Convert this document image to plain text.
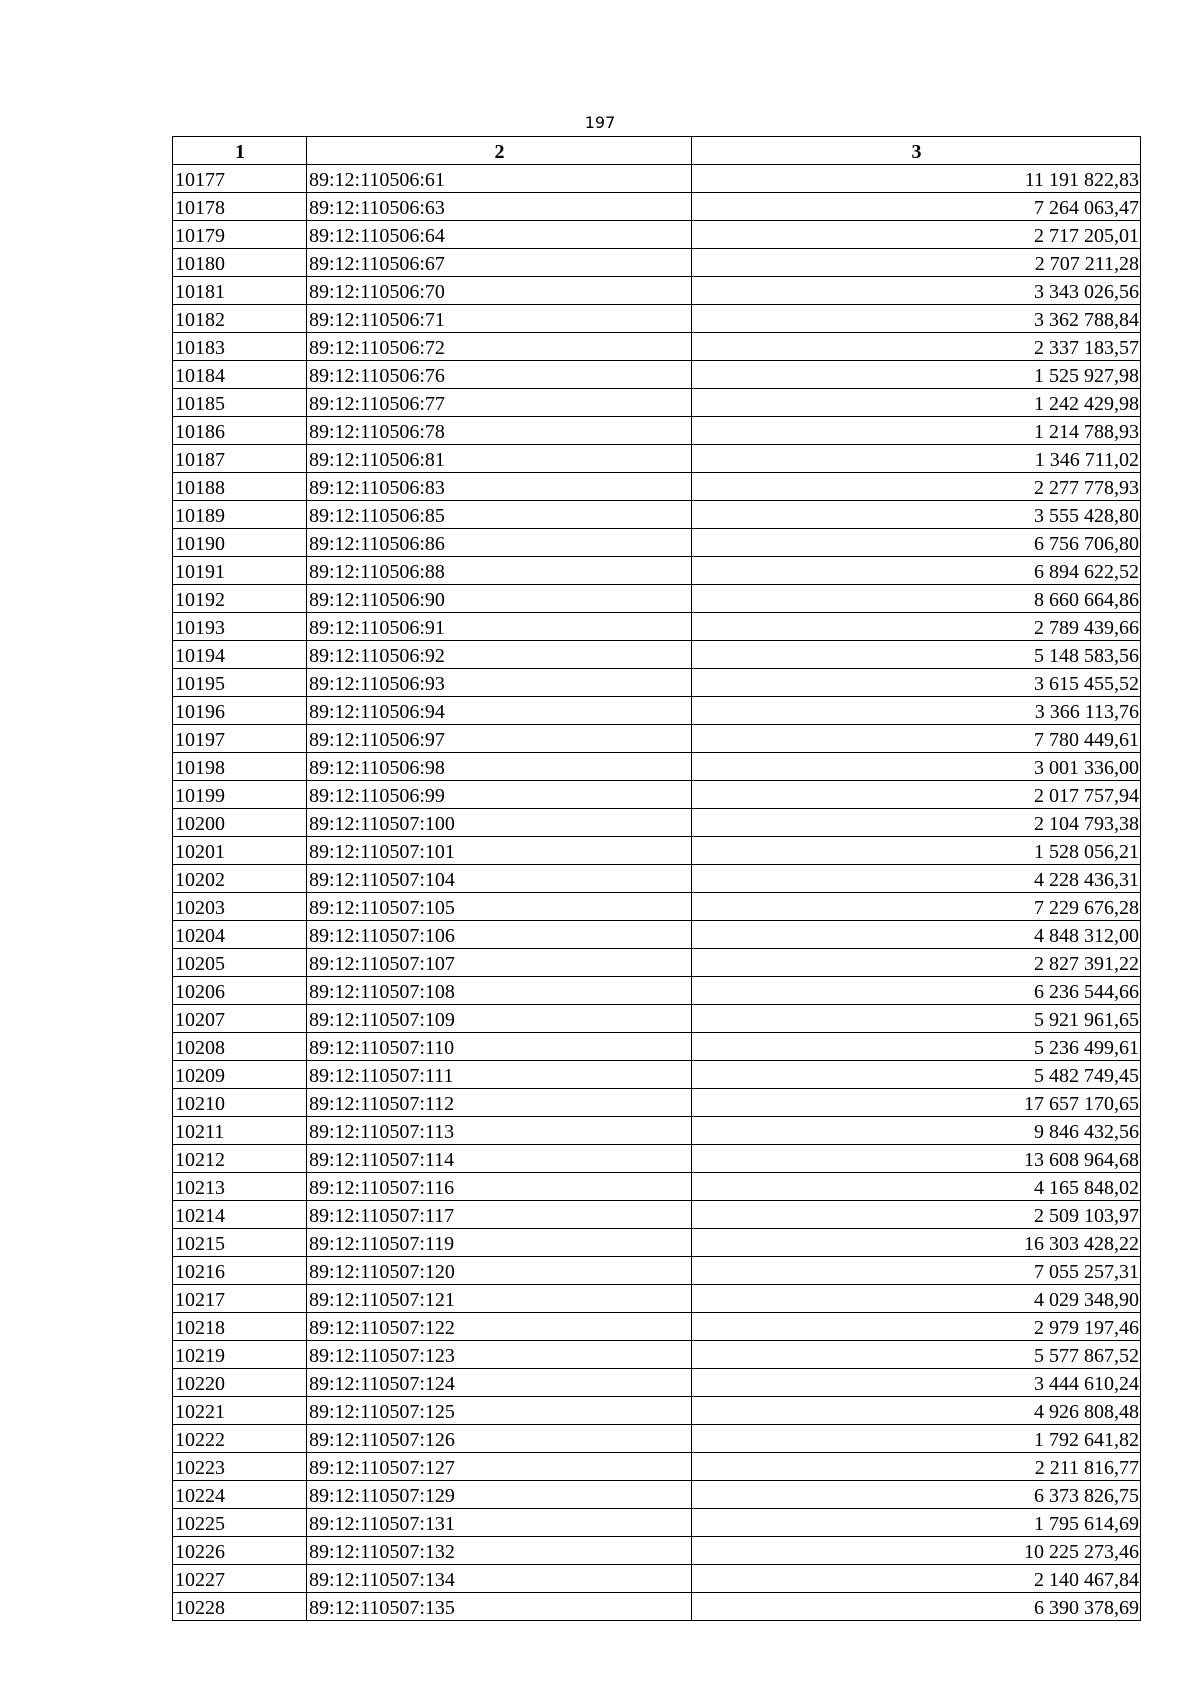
197
1	2	3
10177	89:12:110506:61	11 191 822,83
10178	89:12:110506:63	7 264 063,47
10179	89:12:110506:64	2 717 205,01
10180	89:12:110506:67	2 707 211,28
10181	89:12:110506:70	3 343 026,56
10182	89:12:110506:71	3 362 788,84
10183	89:12:110506:72	2 337 183,57
10184	89:12:110506:76	1 525 927,98
10185	89:12:110506:77	1 242 429,98
10186	89:12:110506:78	1 214 788,93
10187	89:12:110506:81	1 346 711,02
10188	89:12:110506:83	2 277 778,93
10189	89:12:110506:85	3 555 428,80
10190	89:12:110506:86	6 756 706,80
10191	89:12:110506:88	6 894 622,52
10192	89:12:110506:90	8 660 664,86
10193	89:12:110506:91	2 789 439,66
10194	89:12:110506:92	5 148 583,56
10195	89:12:110506:93	3 615 455,52
10196	89:12:110506:94	3 366 113,76
10197	89:12:110506:97	7 780 449,61
10198	89:12:110506:98	3 001 336,00
10199	89:12:110506:99	2 017 757,94
10200	89:12:110507:100	2 104 793,38
10201	89:12:110507:101	1 528 056,21
10202	89:12:110507:104	4 228 436,31
10203	89:12:110507:105	7 229 676,28
10204	89:12:110507:106	4 848 312,00
10205	89:12:110507:107	2 827 391,22
10206	89:12:110507:108	6 236 544,66
10207	89:12:110507:109	5 921 961,65
10208	89:12:110507:110	5 236 499,61
10209	89:12:110507:111	5 482 749,45
10210	89:12:110507:112	17 657 170,65
10211	89:12:110507:113	9 846 432,56
10212	89:12:110507:114	13 608 964,68
10213	89:12:110507:116	4 165 848,02
10214	89:12:110507:117	2 509 103,97
10215	89:12:110507:119	16 303 428,22
10216	89:12:110507:120	7 055 257,31
10217	89:12:110507:121	4 029 348,90
10218	89:12:110507:122	2 979 197,46
10219	89:12:110507:123	5 577 867,52
10220	89:12:110507:124	3 444 610,24
10221	89:12:110507:125	4 926 808,48
10222	89:12:110507:126	1 792 641,82
10223	89:12:110507:127	2 211 816,77
10224	89:12:110507:129	6 373 826,75
10225	89:12:110507:131	1 795 614,69
10226	89:12:110507:132	10 225 273,46
10227	89:12:110507:134	2 140 467,84
10228	89:12:110507:135	6 390 378,69
